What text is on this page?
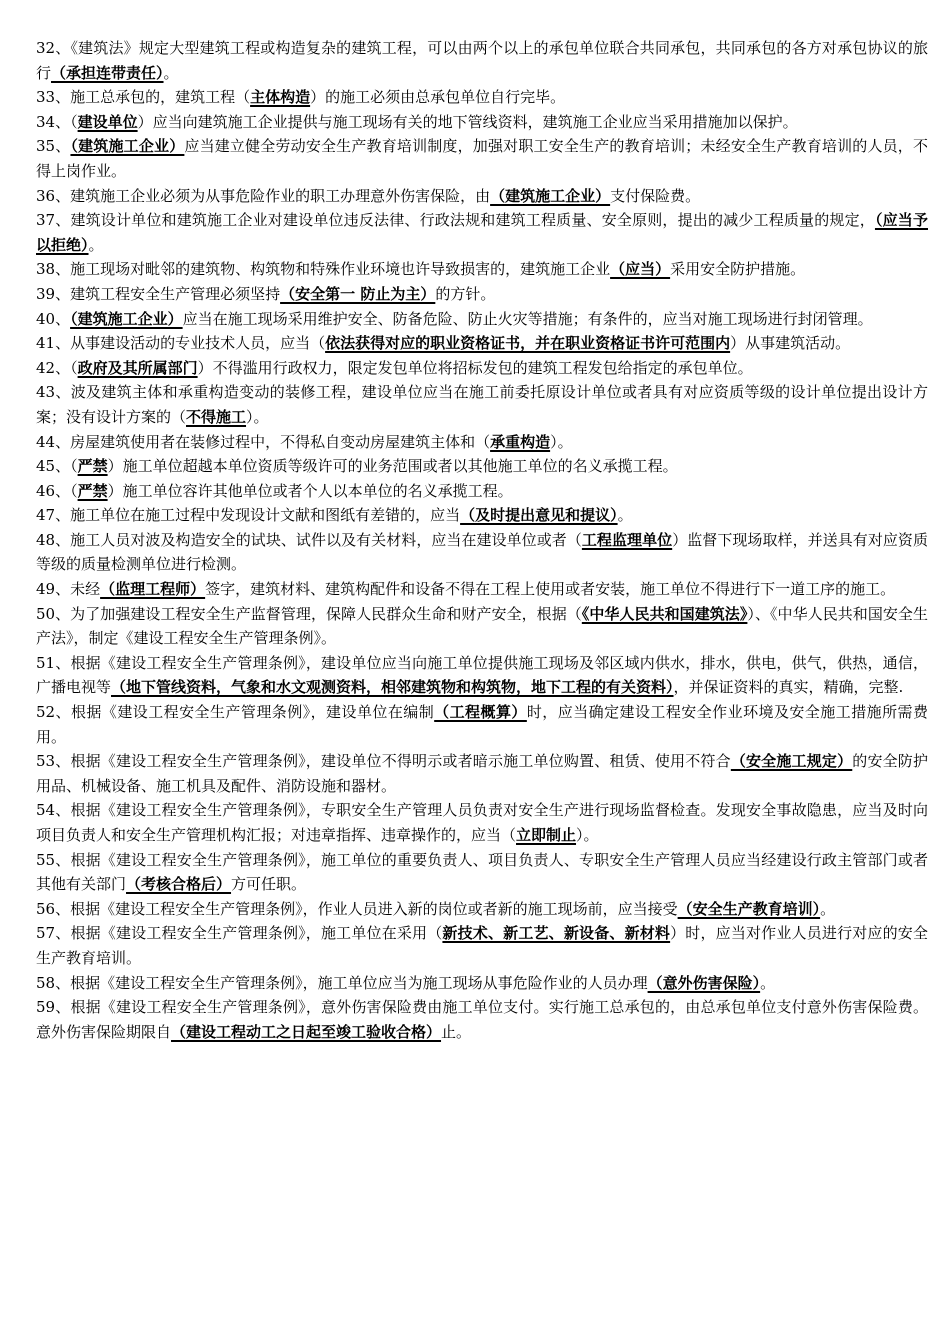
32、《建筑法》规定大型建筑工程或构造复杂的建筑工程，可以由两个以上的承包单位联合共同承包，共同承包的各方对承包协议的旅行（承担连带责任）。

33、施工总承包的，建筑工程（主体构造）的施工必须由总承包单位自行完毕。

34、（建设单位）应当向建筑施工企业提供与施工现场有关的地下管线资料，建筑施工企业应当采用措施加以保护。

35、（建筑施工企业）应当建立健全劳动安全生产教育培训制度，加强对职工安全生产的教育培训；未经安全生产教育培训的人员，不得上岗作业。

36、建筑施工企业必须为从事危险作业的职工办理意外伤害保险，由（建筑施工企业）支付保险费。

37、建筑设计单位和建筑施工企业对建设单位违反法律、行政法规和建筑工程质量、安全原则，提出的减少工程质量的规定，（应当予以拒绝）。

38、施工现场对毗邻的建筑物、构筑物和特殊作业环境也许导致损害的，建筑施工企业（应当）采用安全防护措施。

39、建筑工程安全生产管理必须坚持（安全第一 防止为主）的方针。

40、（建筑施工企业）应当在施工现场采用维护安全、防备危险、防止火灾等措施；有条件的，应当对施工现场进行封闭管理。

41、从事建设活动的专业技术人员，应当（依法获得对应的职业资格证书，并在职业资格证书许可范围内）从事建筑活动。

42、（政府及其所属部门）不得滥用行政权力，限定发包单位将招标发包的建筑工程发包给指定的承包单位。

43、波及建筑主体和承重构造变动的装修工程，建设单位应当在施工前委托原设计单位或者具有对应资质等级的设计单位提出设计方案；没有设计方案的（不得施工）。

44、房屋建筑使用者在装修过程中，不得私自变动房屋建筑主体和（承重构造）。

45、（严禁）施工单位超越本单位资质等级许可的业务范围或者以其他施工单位的名义承揽工程。

46、（严禁）施工单位容许其他单位或者个人以本单位的名义承揽工程。

47、施工单位在施工过程中发现设计文献和图纸有差错的，应当（及时提出意见和提议）。

48、施工人员对波及构造安全的试块、试件以及有关材料，应当在建设单位或者（工程监理单位）监督下现场取样，并送具有对应资质等级的质量检测单位进行检测。

49、未经（监理工程师）签字，建筑材料、建筑构配件和设备不得在工程上使用或者安装，施工单位不得进行下一道工序的施工。

50、为了加强建设工程安全生产监督管理，保障人民群众生命和财产安全，根据（《中华人民共和国建筑法》）、《中华人民共和国安全生产法》，制定《建设工程安全生产管理条例》。

51、根据《建设工程安全生产管理条例》，建设单位应当向施工单位提供施工现场及邻区域内供水，排水，供电，供气，供热，通信，广播电视等（地下管线资料，气象和水文观测资料，相邻建筑物和构筑物，地下工程的有关资料），并保证资料的真实，精确，完整.

52、根据《建设工程安全生产管理条例》，建设单位在编制（工程概算）时，应当确定建设工程安全作业环境及安全施工措施所需费用。

53、根据《建设工程安全生产管理条例》，建设单位不得明示或者暗示施工单位购置、租赁、使用不符合（安全施工规定）的安全防护用品、机械设备、施工机具及配件、消防设施和器材。

54、根据《建设工程安全生产管理条例》，专职安全生产管理人员负责对安全生产进行现场监督检查。发现安全事故隐患，应当及时向项目负责人和安全生产管理机构汇报；对违章指挥、违章操作的，应当（立即制止）。

55、根据《建设工程安全生产管理条例》，施工单位的重要负责人、项目负责人、专职安全生产管理人员应当经建设行政主管部门或者其他有关部门（考核合格后）方可任职。

56、根据《建设工程安全生产管理条例》，作业人员进入新的岗位或者新的施工现场前，应当接受（安全生产教育培训）。

57、根据《建设工程安全生产管理条例》，施工单位在采用（新技术、新工艺、新设备、新材料）时，应当对作业人员进行对应的安全生产教育培训。

58、根据《建设工程安全生产管理条例》，施工单位应当为施工现场从事危险作业的人员办理（意外伤害保险）。

59、根据《建设工程安全生产管理条例》，意外伤害保险费由施工单位支付。实行施工总承包的，由总承包单位支付意外伤害保险费。意外伤害保险期限自（建设工程动工之日起至竣工验收合格）止。
